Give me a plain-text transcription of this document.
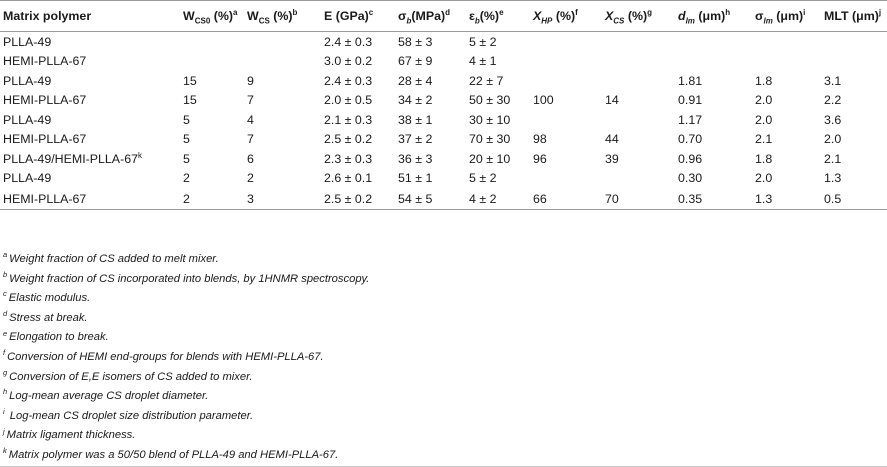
Matrix polymer	$W_{CS0}$ (%)$^a$	$W_{CS}$ (%)$^b$	E (GPa)$^c$	$\sigma_b(MPa)^d$	$\varepsilon_b(\%)^e$	$X_{HP}$ (%)$^f$	$X_{CS}$ (%)$^g$	$d_{lm}$ $(\mu m)^h$	$\sigma_{lm}$ $(\mu m)^i$	MLT $(\mu m)^j$
PLLA-49			2.4 ± 0.3	58 ± 3	5 ± 2					
HEMI-PLLA-67			3.0 ± 0.2	67 ± 9	4 ± 1					
PLLA-49	15	9	2.4 ± 0.3	28 ± 4	22 ± 7			1.81	1.8	3.1
HEMI-PLLA-67	15	7	2.0 ± 0.5	34 ± 2	50 ± 30	100	14	0.91	2.0	2.2
PLLA-49	5	4	2.1 ± 0.3	38 ± 1	30 ± 10			1.17	2.0	3.6
HEMI-PLLA-67	5	7	2.5 ± 0.2	37 ± 2	70 ± 30	98	44	0.70	2.1	2.0
PLLA-49/HEMI-PLLA-67$^k$	5	6	2.3 ± 0.3	36 ± 3	20 ± 10	96	39	0.96	1.8	2.1
PLLA-49	2	2	2.6 ± 0.1	51 ± 1	5 ± 2			0.30	2.0	1.3
HEMI-PLLA-67	2	3	2.5 ± 0.2	54 ± 5	4 ± 2	66	70	0.35	1.3	0.5
$^a$ Weight fraction of CS added to melt mixer.
$^b$ Weight fraction of CS incorporated into blends, by 1HNMR spectroscopy.
$^c$ Elastic modulus.
$^d$ Stress at break.
$^e$ Elongation to break.
$^f$ Conversion of HEMI end-groups for blends with HEMI-PLLA-67.
$^g$ Conversion of E,E isomers of CS added to mixer.
$^h$ Log-mean average CS droplet diameter.
$^i$ Log-mean CS droplet size distribution parameter.
$^j$ Matrix ligament thickness.
$^k$ Matrix polymer was a 50/50 blend of PLLA-49 and HEMI-PLLA-67.
